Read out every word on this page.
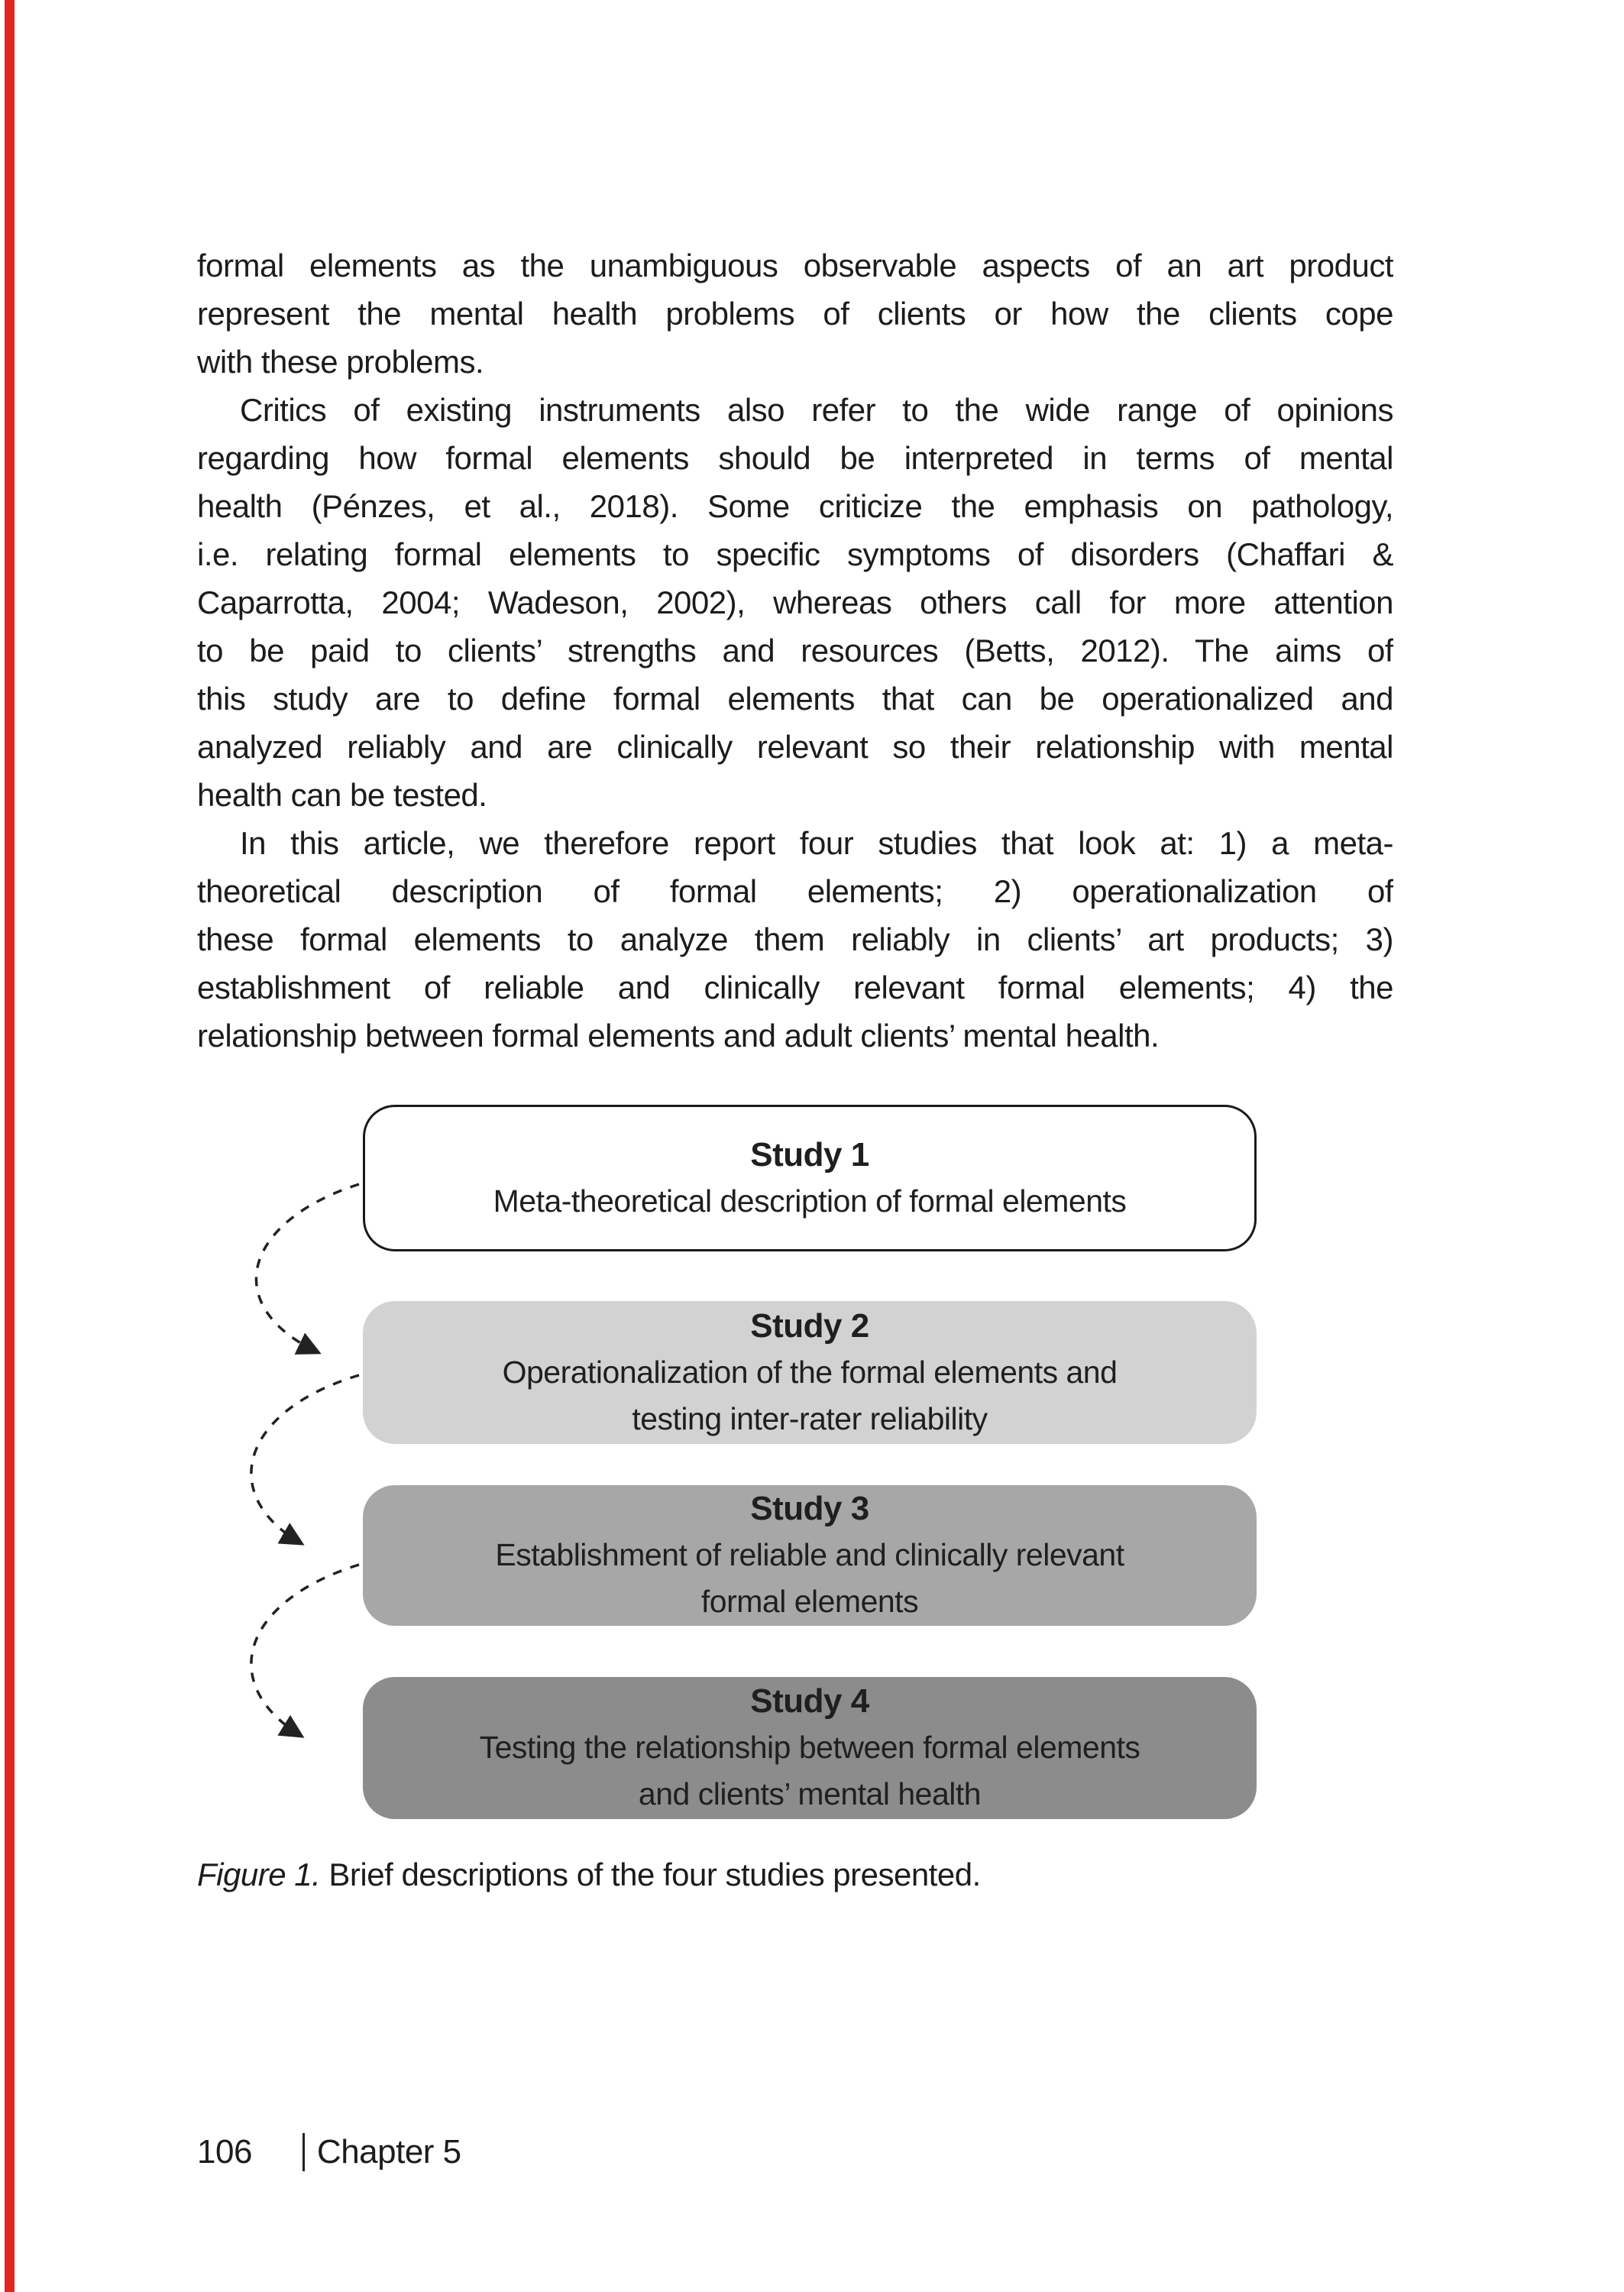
formal elements as the unambiguous observable aspects of an art product
represent the mental health problems of clients or how the clients cope
with these problems.
Critics of existing instruments also refer to the wide range of opinions
regarding how formal elements should be interpreted in terms of mental
health (Pénzes, et al., 2018). Some criticize the emphasis on pathology,
i.e. relating formal elements to specific symptoms of disorders (Chaffari &
Caparrotta, 2004; Wadeson, 2002), whereas others call for more attention
to be paid to clients’ strengths and resources (Betts, 2012). The aims of
this study are to define formal elements that can be operationalized and
analyzed reliably and are clinically relevant so their relationship with mental
health can be tested.
In this article, we therefore report four studies that look at: 1) a meta-
theoretical description of formal elements; 2) operationalization of
these formal elements to analyze them reliably in clients’ art products; 3)
establishment of reliable and clinically relevant formal elements; 4) the
relationship between formal elements and adult clients’ mental health.
Study 1
Meta-theoretical description of formal elements
Study 2
Operationalization of the formal elements and
testing inter-rater reliability
Study 3
Establishment of reliable and clinically relevant
formal elements
Study 4
Testing the relationship between formal elements
and clients’ mental health
Figure 1. Brief descriptions of the four studies presented.
106 Chapter 5
